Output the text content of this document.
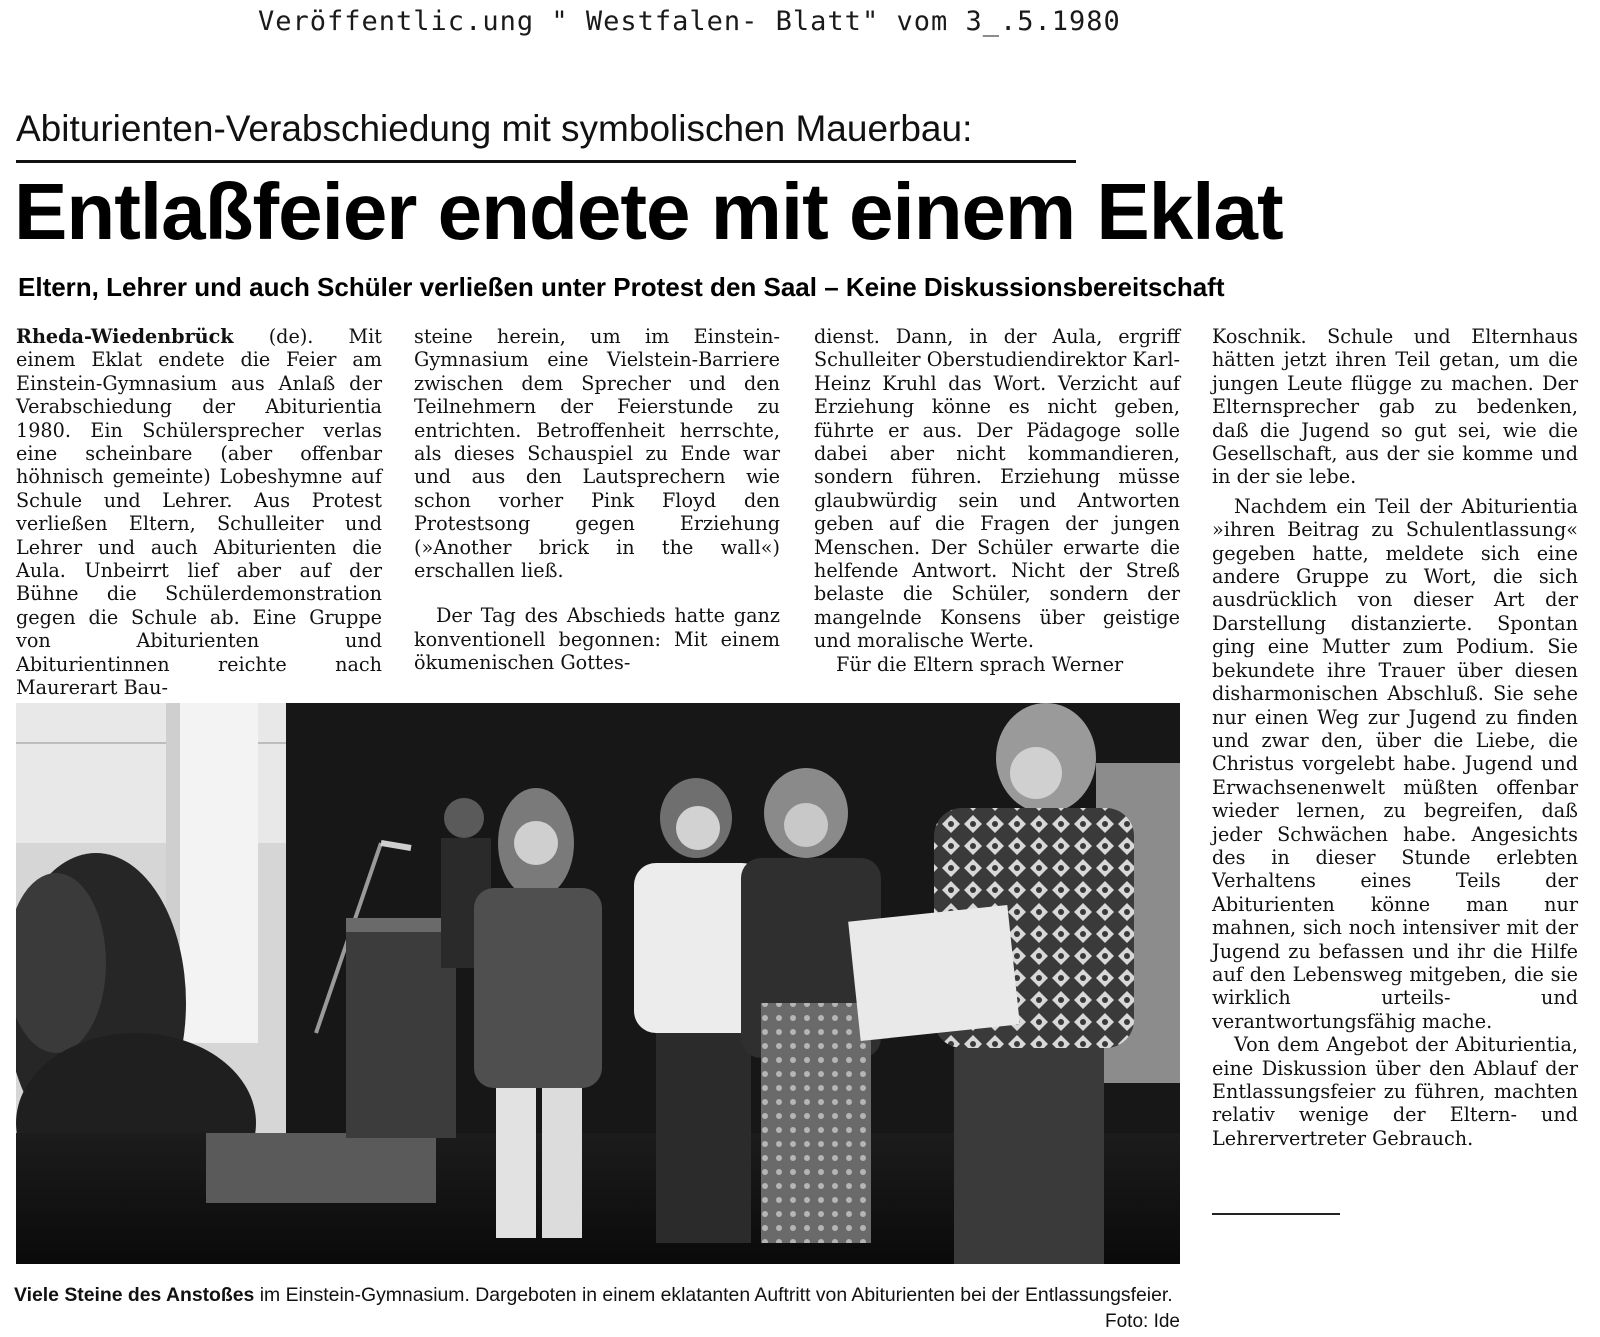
Veröffentlic.ung " Westfalen- Blatt" vom 3_.5.1980
Abiturienten-Verabschiedung mit symbolischen Mauerbau:
Entlaßfeier endete mit einem Eklat
Eltern, Lehrer und auch Schüler verließen unter Protest den Saal – Keine Diskussionsbereitschaft

Rheda-Wiedenbrück (de). Mit einem Eklat endete die Feier am Einstein-Gymnasium aus Anlaß der Verabschiedung der Abiturientia 1980. Ein Schülersprecher verlas eine scheinbare (aber offenbar höhnisch gemeinte) Lobeshymne auf Schule und Lehrer. Aus Protest verließen Eltern, Schulleiter und Lehrer und auch Abiturienten die Aula. Unbeirrt lief aber auf der Bühne die Schülerdemonstration gegen die Schule ab. Eine Gruppe von Abiturienten und Abiturientinnen reichte nach Maurerart Bau-

steine herein, um im Einstein-Gymnasium eine Vielstein-Barriere zwischen dem Sprecher und den Teilnehmern der Feierstunde zu entrichten. Betroffenheit herrschte, als dieses Schauspiel zu Ende war und aus den Lautsprechern wie schon vorher Pink Floyd den Protestsong gegen Erziehung (»Another brick in the wall«) erschallen ließ.

Der Tag des Abschieds hatte ganz konventionell begonnen: Mit einem ökumenischen Gottes-

dienst. Dann, in der Aula, ergriff Schulleiter Oberstudiendirektor Karl-Heinz Kruhl das Wort. Verzicht auf Erziehung könne es nicht geben, führte er aus. Der Pädagoge solle dabei aber nicht kommandieren, sondern führen. Erziehung müsse glaubwürdig sein und Antworten geben auf die Fragen der jungen Menschen. Der Schüler erwarte die helfende Antwort. Nicht der Streß belaste die Schüler, sondern der mangelnde Konsens über geistige und moralische Werte.

Für die Eltern sprach Werner

Koschnik. Schule und Elternhaus hätten jetzt ihren Teil getan, um die jungen Leute flügge zu machen. Der Elternsprecher gab zu bedenken, daß die Jugend so gut sei, wie die Gesellschaft, aus der sie komme und in der sie lebe.

Nachdem ein Teil der Abiturientia »ihren Beitrag zu Schulentlassung« gegeben hatte, meldete sich eine andere Gruppe zu Wort, die sich ausdrücklich von dieser Art der Darstellung distanzierte. Spontan ging eine Mutter zum Podium. Sie bekundete ihre Trauer über diesen disharmonischen Abschluß. Sie sehe nur einen Weg zur Jugend zu finden und zwar den, über die Liebe, die Christus vorgelebt habe. Jugend und Erwachsenenwelt müßten offenbar wieder lernen, zu begreifen, daß jeder Schwächen habe. Angesichts des in dieser Stunde erlebten Verhaltens eines Teils der Abiturienten könne man nur mahnen, sich noch intensiver mit der Jugend zu befassen und ihr die Hilfe auf den Lebensweg mitgeben, die sie wirklich urteils- und verantwortungsfähig mache.

Von dem Angebot der Abiturientia, eine Diskussion über den Ablauf der Entlassungsfeier zu führen, machten relativ wenige der Eltern- und Lehrervertreter Gebrauch.

Viele Steine des Anstoßes im Einstein-Gymnasium. Dargeboten in einem eklatanten Auftritt von Abiturienten bei der Entlassungsfeier.
Foto: Ide
